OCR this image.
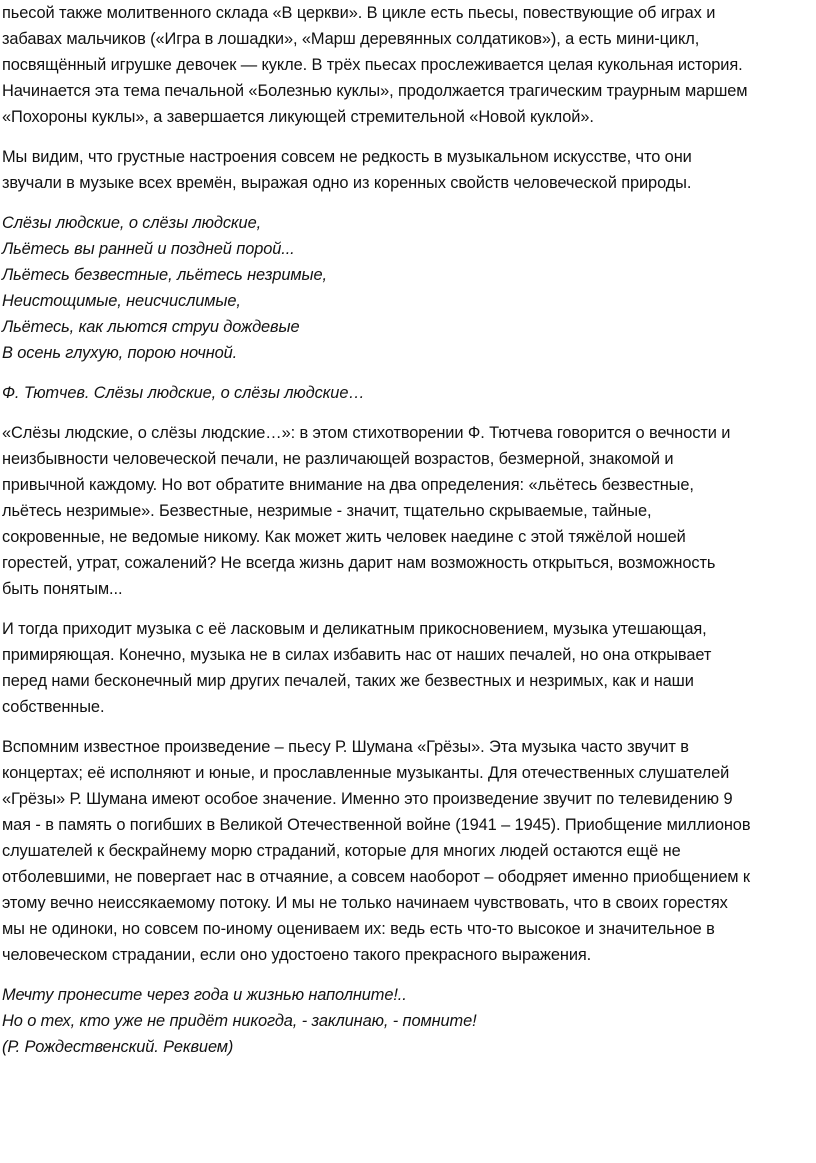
пьесой также молитвенного склада «В церкви». В цикле есть пьесы, повествующие об играх и
забавах мальчиков («Игра в лошадки», «Марш деревянных солдатиков»), а есть мини-цикл,
посвящённый игрушке девочек — кукле. В трёх пьесах прослеживается целая кукольная история.
Начинается эта тема печальной «Болезнью куклы», продолжается трагическим траурным маршем
«Похороны куклы», а завершается ликующей стремительной «Новой куклой».

Мы видим, что грустные настроения совсем не редкость в музыкальном искусстве, что они
звучали в музыке всех времён, выражая одно из коренных свойств человеческой природы.

Слёзы людские, о слёзы людские,
Льётесь вы ранней и поздней порой...
Льётесь безвестные, льётесь незримые,
Неистощимые, неисчислимые,
Льётесь, как льются струи дождевые
В осень глухую, порою ночной.

Ф. Тютчев. Слёзы людские, о слёзы людские…

«Слёзы людские, о слёзы людские…»: в этом стихотворении Ф. Тютчева говорится о вечности и
неизбывности человеческой печали, не различающей возрастов, безмерной, знакомой и
привычной каждому. Но вот обратите внимание на два определения: «льётесь безвестные,
льётесь незримые». Безвестные, незримые - значит, тщательно скрываемые, тайные,
сокровенные, не ведомые никому. Как может жить человек наедине с этой тяжёлой ношей
горестей, утрат, сожалений? Не всегда жизнь дарит нам возможность открыться, возможность
быть понятым...

И тогда приходит музыка с её ласковым и деликатным прикосновением, музыка утешающая,
примиряющая. Конечно, музыка не в силах избавить нас от наших печалей, но она открывает
перед нами бесконечный мир других печалей, таких же безвестных и незримых, как и наши
собственные.

Вспомним известное произведение – пьесу Р. Шумана «Грёзы». Эта музыка часто звучит в
концертах; её исполняют и юные, и прославленные музыканты. Для отечественных слушателей
«Грёзы» Р. Шумана имеют особое значение. Именно это произведение звучит по телевидению 9
мая - в память о погибших в Великой Отечественной войне (1941 – 1945). Приобщение миллионов
слушателей к бескрайнему морю страданий, которые для многих людей остаются ещё не
отболевшими, не повергает нас в отчаяние, а совсем наоборот – ободряет именно приобщением к
этому вечно неиссякаемому потоку. И мы не только начинаем чувствовать, что в своих горестях
мы не одиноки, но совсем по-иному оцениваем их: ведь есть что-то высокое и значительное в
человеческом страдании, если оно удостоено такого прекрасного выражения.

Мечту пронесите через года и жизнью наполните!..
Но о тех, кто уже не придёт никогда, - заклинаю, - помните!
(Р. Рождественский. Реквием)
